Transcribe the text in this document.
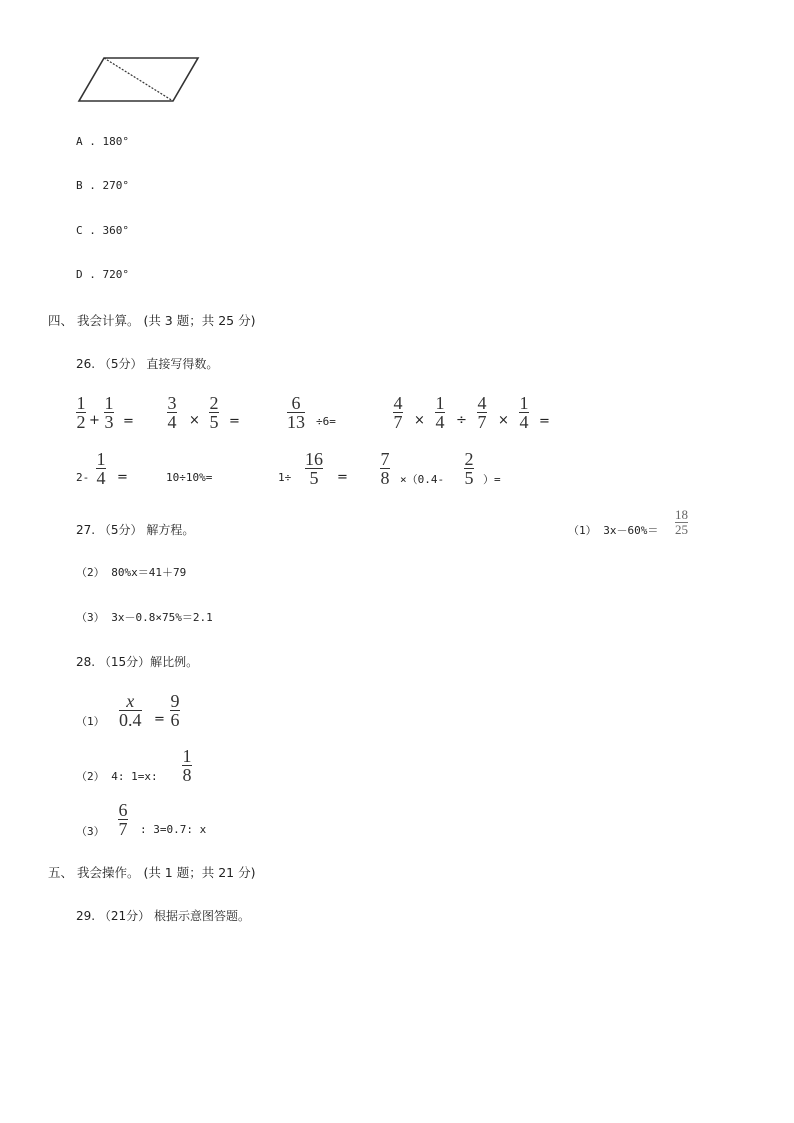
A . 180°
B . 270°
C . 360°
D . 720°
四、 我会计算。 (共 3 题；共 25 分)
26. （5分） 直接写得数。
1
2 +
1
3 =
3
4 ×
2
5 =
6
13 ÷6=
4
7 ×
1
4 ÷
4
7 ×
1
4 =
2-
1
4 =	10÷10%=	1÷
16
5 =
7
8 ×（0.4-
2
5 ）=
27. （5分） 解方程。	（1） 3x－60%＝
18
25
（2） 80%x＝41＋79
（3） 3x－0.8×75%＝2.1
28. （15分）解比例。
（1）
x
0.4 =
9
6
（2） 4: 1=x:
1
8
（3）
6
7 : 3=0.7: x
五、 我会操作。 (共 1 题；共 21 分)
29. （21分） 根据示意图答题。
